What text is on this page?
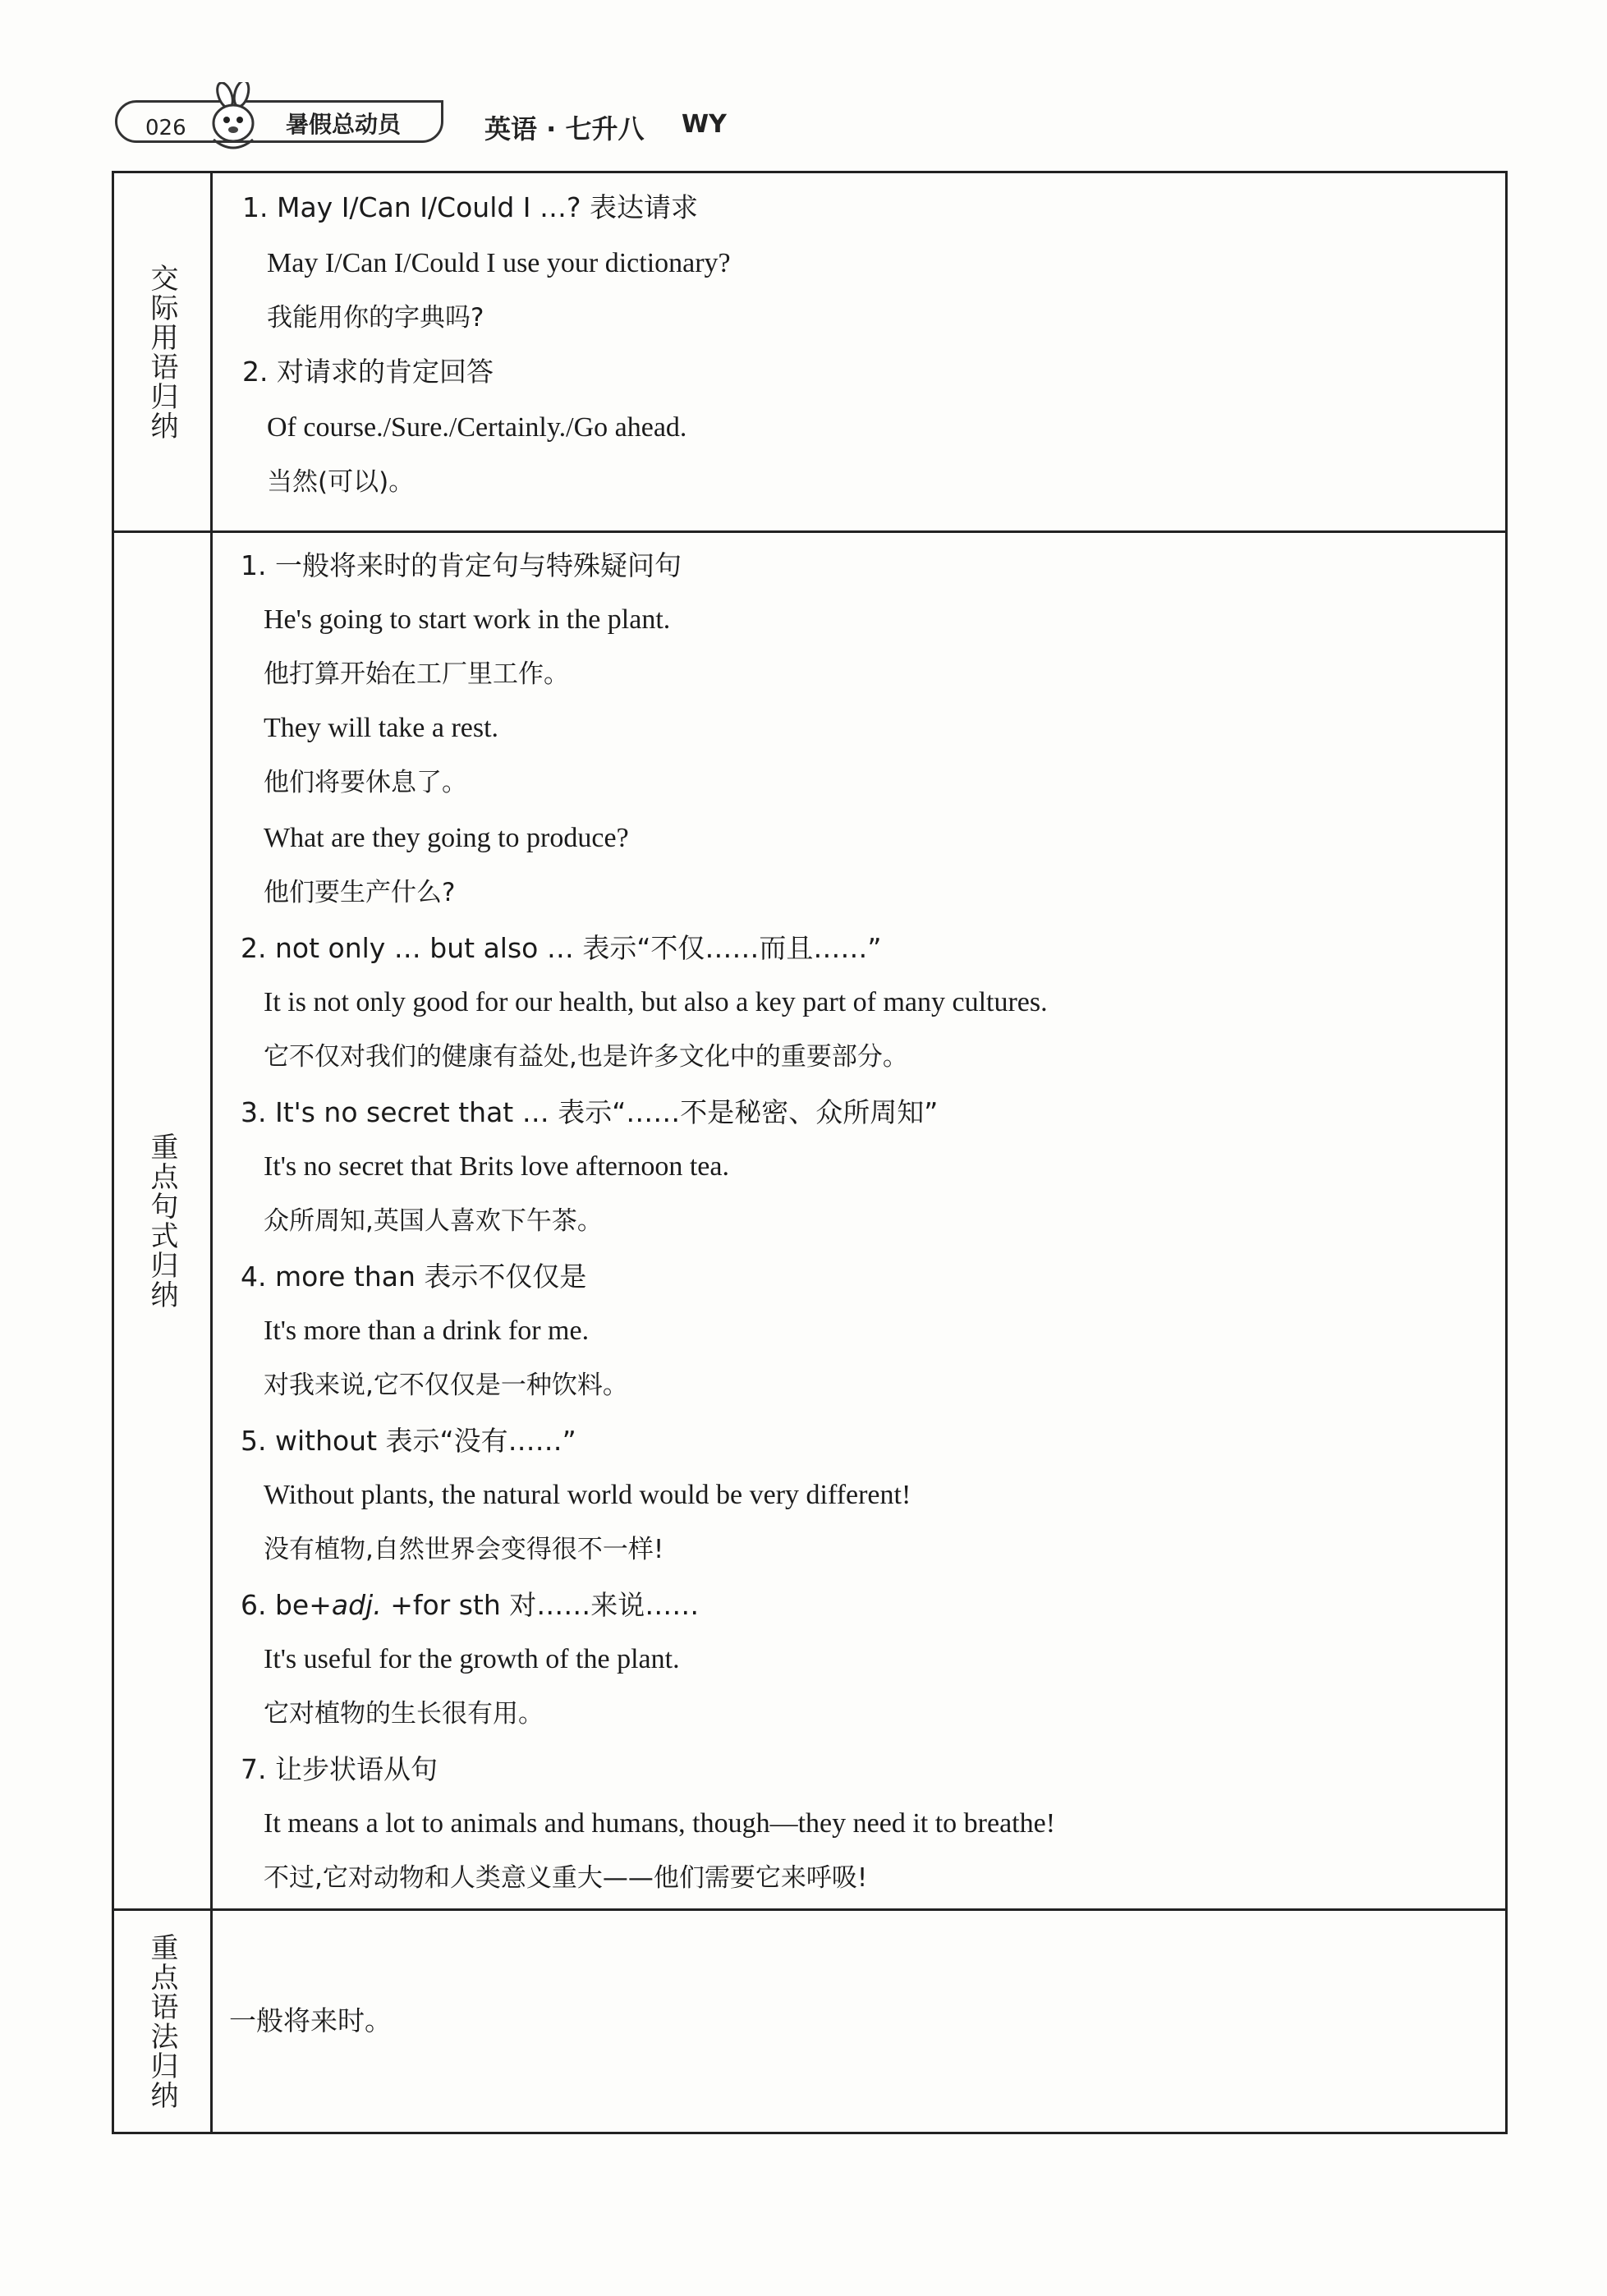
026	暑假总动员	英语 · 七升八 WY
交际用语归纳
1. May I/Can I/Could I …? 表达请求
May I/Can I/Could I use your dictionary?
我能用你的字典吗?
2. 对请求的肯定回答
Of course./Sure./Certainly./Go ahead.
当然(可以)。
重点句式归纳
1. 一般将来时的肯定句与特殊疑问句
He's going to start work in the plant.
他打算开始在工厂里工作。
They will take a rest.
他们将要休息了。
What are they going to produce?
他们要生产什么?
2. not only … but also … 表示“不仅……而且……”
It is not only good for our health, but also a key part of many cultures.
它不仅对我们的健康有益处,也是许多文化中的重要部分。
3. It's no secret that … 表示“……不是秘密、众所周知”
It's no secret that Brits love afternoon tea.
众所周知,英国人喜欢下午茶。
4. more than 表示不仅仅是
It's more than a drink for me.
对我来说,它不仅仅是一种饮料。
5. without 表示“没有……”
Without plants, the natural world would be very different!
没有植物,自然世界会变得很不一样!
6. be+adj. +for sth 对……来说……
It's useful for the growth of the plant.
它对植物的生长很有用。
7. 让步状语从句
It means a lot to animals and humans, though—they need it to breathe!
不过,它对动物和人类意义重大——他们需要它来呼吸!
重点语法归纳 一般将来时。
